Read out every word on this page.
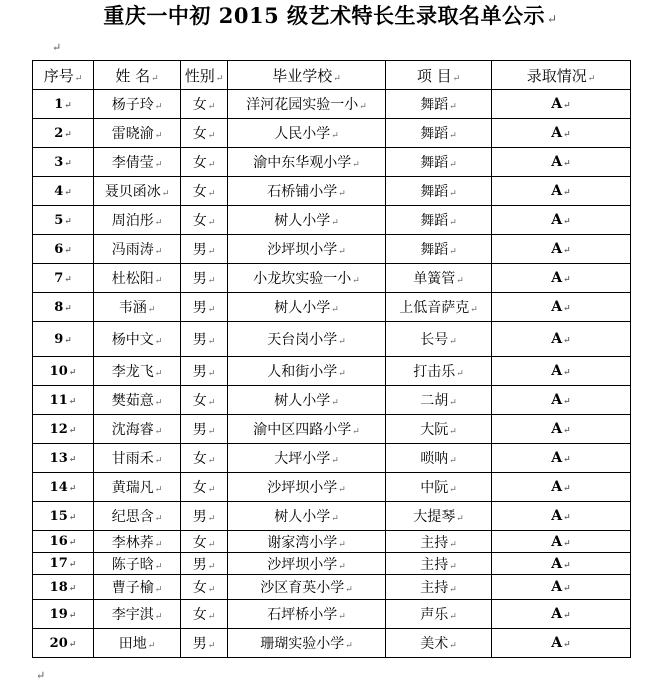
重庆一中初 2015 级艺术特长生录取名单公示 ↵
↵
序号↵	姓 名↵	性别↵	毕业学校↵	项 目↵	录取情况↵
1↵	杨子玲↵	女↵	洋河花园实验一小↵	舞蹈↵	A↵
2↵	雷晓渝↵	女↵	人民小学↵	舞蹈↵	A↵
3↵	李倩莹↵	女↵	渝中东华观小学↵	舞蹈↵	A↵
4↵	聂贝函冰↵	女↵	石桥铺小学↵	舞蹈↵	A↵
5↵	周泊彤↵	女↵	树人小学↵	舞蹈↵	A↵
6↵	冯雨涛↵	男↵	沙坪坝小学↵	舞蹈↵	A↵
7↵	杜松阳↵	男↵	小龙坎实验一小↵	单簧管↵	A↵
8↵	韦涵↵	男↵	树人小学↵	上低音萨克↵	A↵
9↵	杨中文↵	男↵	天台岗小学↵	长号↵	A↵
10↵	李龙飞↵	男↵	人和街小学↵	打击乐↵	A↵
11↵	樊茹意↵	女↵	树人小学↵	二胡↵	A↵
12↵	沈海睿↵	男↵	渝中区四路小学↵	大阮↵	A↵
13↵	甘雨禾↵	女↵	大坪小学↵	唢呐↵	A↵
14↵	黄瑞凡↵	女↵	沙坪坝小学↵	中阮↵	A↵
15↵	纪思含↵	男↵	树人小学↵	大提琴↵	A↵
16↵	李林荞↵	女↵	谢家湾小学↵	主持↵	A↵
17↵	陈子晗↵	男↵	沙坪坝小学↵	主持↵	A↵
18↵	曹子榆↵	女↵	沙区育英小学↵	主持↵	A↵
19↵	李宇淇↵	女↵	石坪桥小学↵	声乐↵	A↵
20↵	田地↵	男↵	珊瑚实验小学↵	美术↵	A↵
↵
